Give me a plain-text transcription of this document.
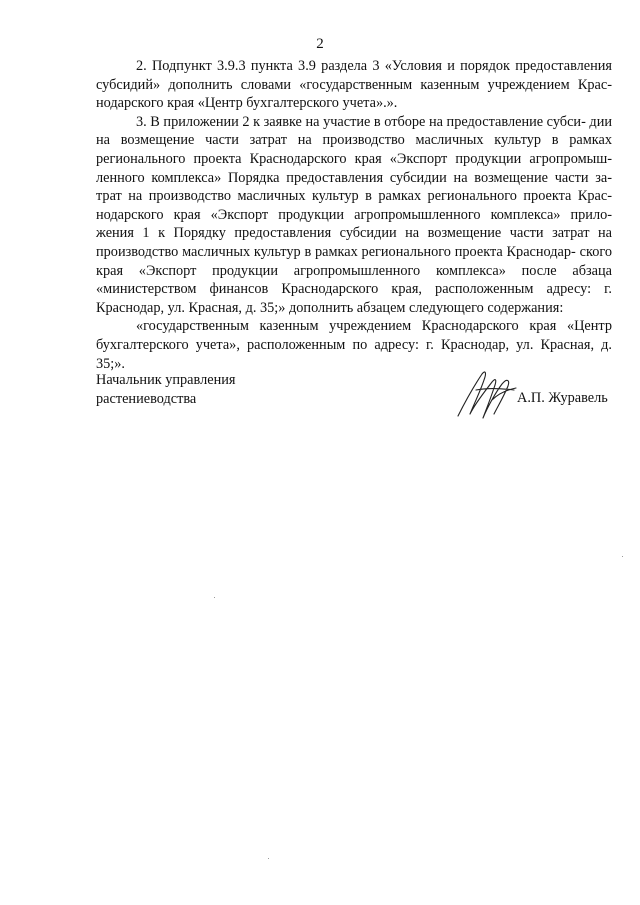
2

2. Подпункт 3.9.3 пункта 3.9 раздела 3 «Условия и порядок предоставления субсидий» дополнить словами «государственным казенным учреждением Крас- нодарского края «Центр бухгалтерского учета».».

3. В приложении 2 к заявке на участие в отборе на предоставление субси- дии на возмещение части затрат на производство масличных культур в рамках регионального проекта Краснодарского края «Экспорт продукции агропромыш- ленного комплекса» Порядка предоставления субсидии на возмещение части за- трат на производство масличных культур в рамках регионального проекта Крас- нодарского края «Экспорт продукции агропромышленного комплекса» прило- жения 1 к Порядку предоставления субсидии на возмещение части затрат на производство масличных культур в рамках регионального проекта Краснодар- ского края «Экспорт продукции агропромышленного комплекса» после абзаца «министерством финансов Краснодарского края, расположенным адресу: г. Краснодар, ул. Красная, д. 35;» дополнить абзацем следующего содержания:

«государственным казенным учреждением Краснодарского края «Центр бухгалтерского учета», расположенным по адресу: г. Краснодар, ул. Красная, д. 35;».

Начальник управления
растениеводства	А.П. Журавель
